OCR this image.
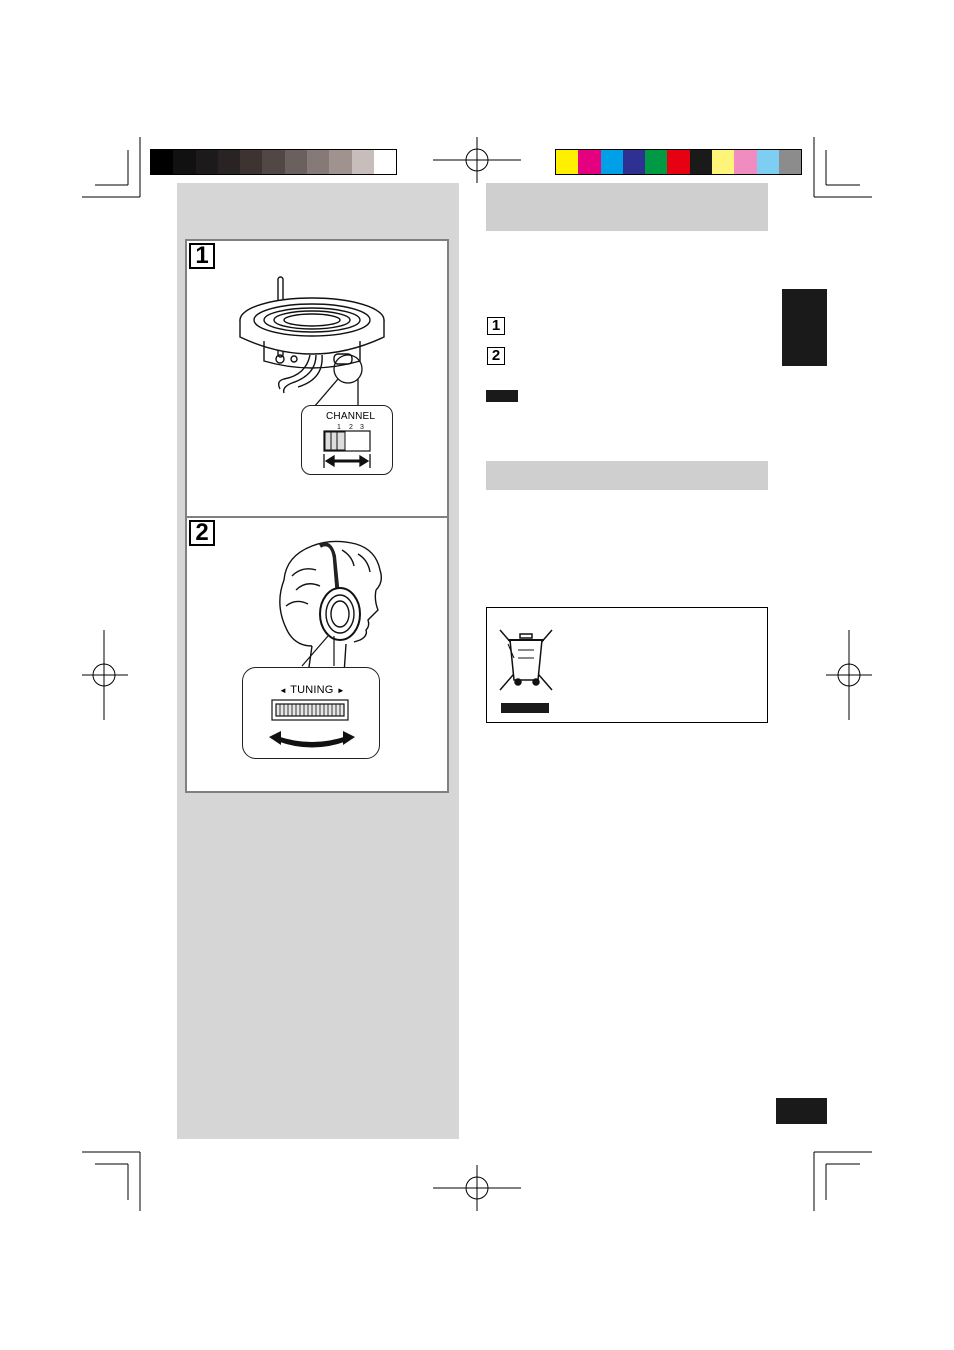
1
CHANNEL
1 2 3
2
◄ TUNING ►
1
2
